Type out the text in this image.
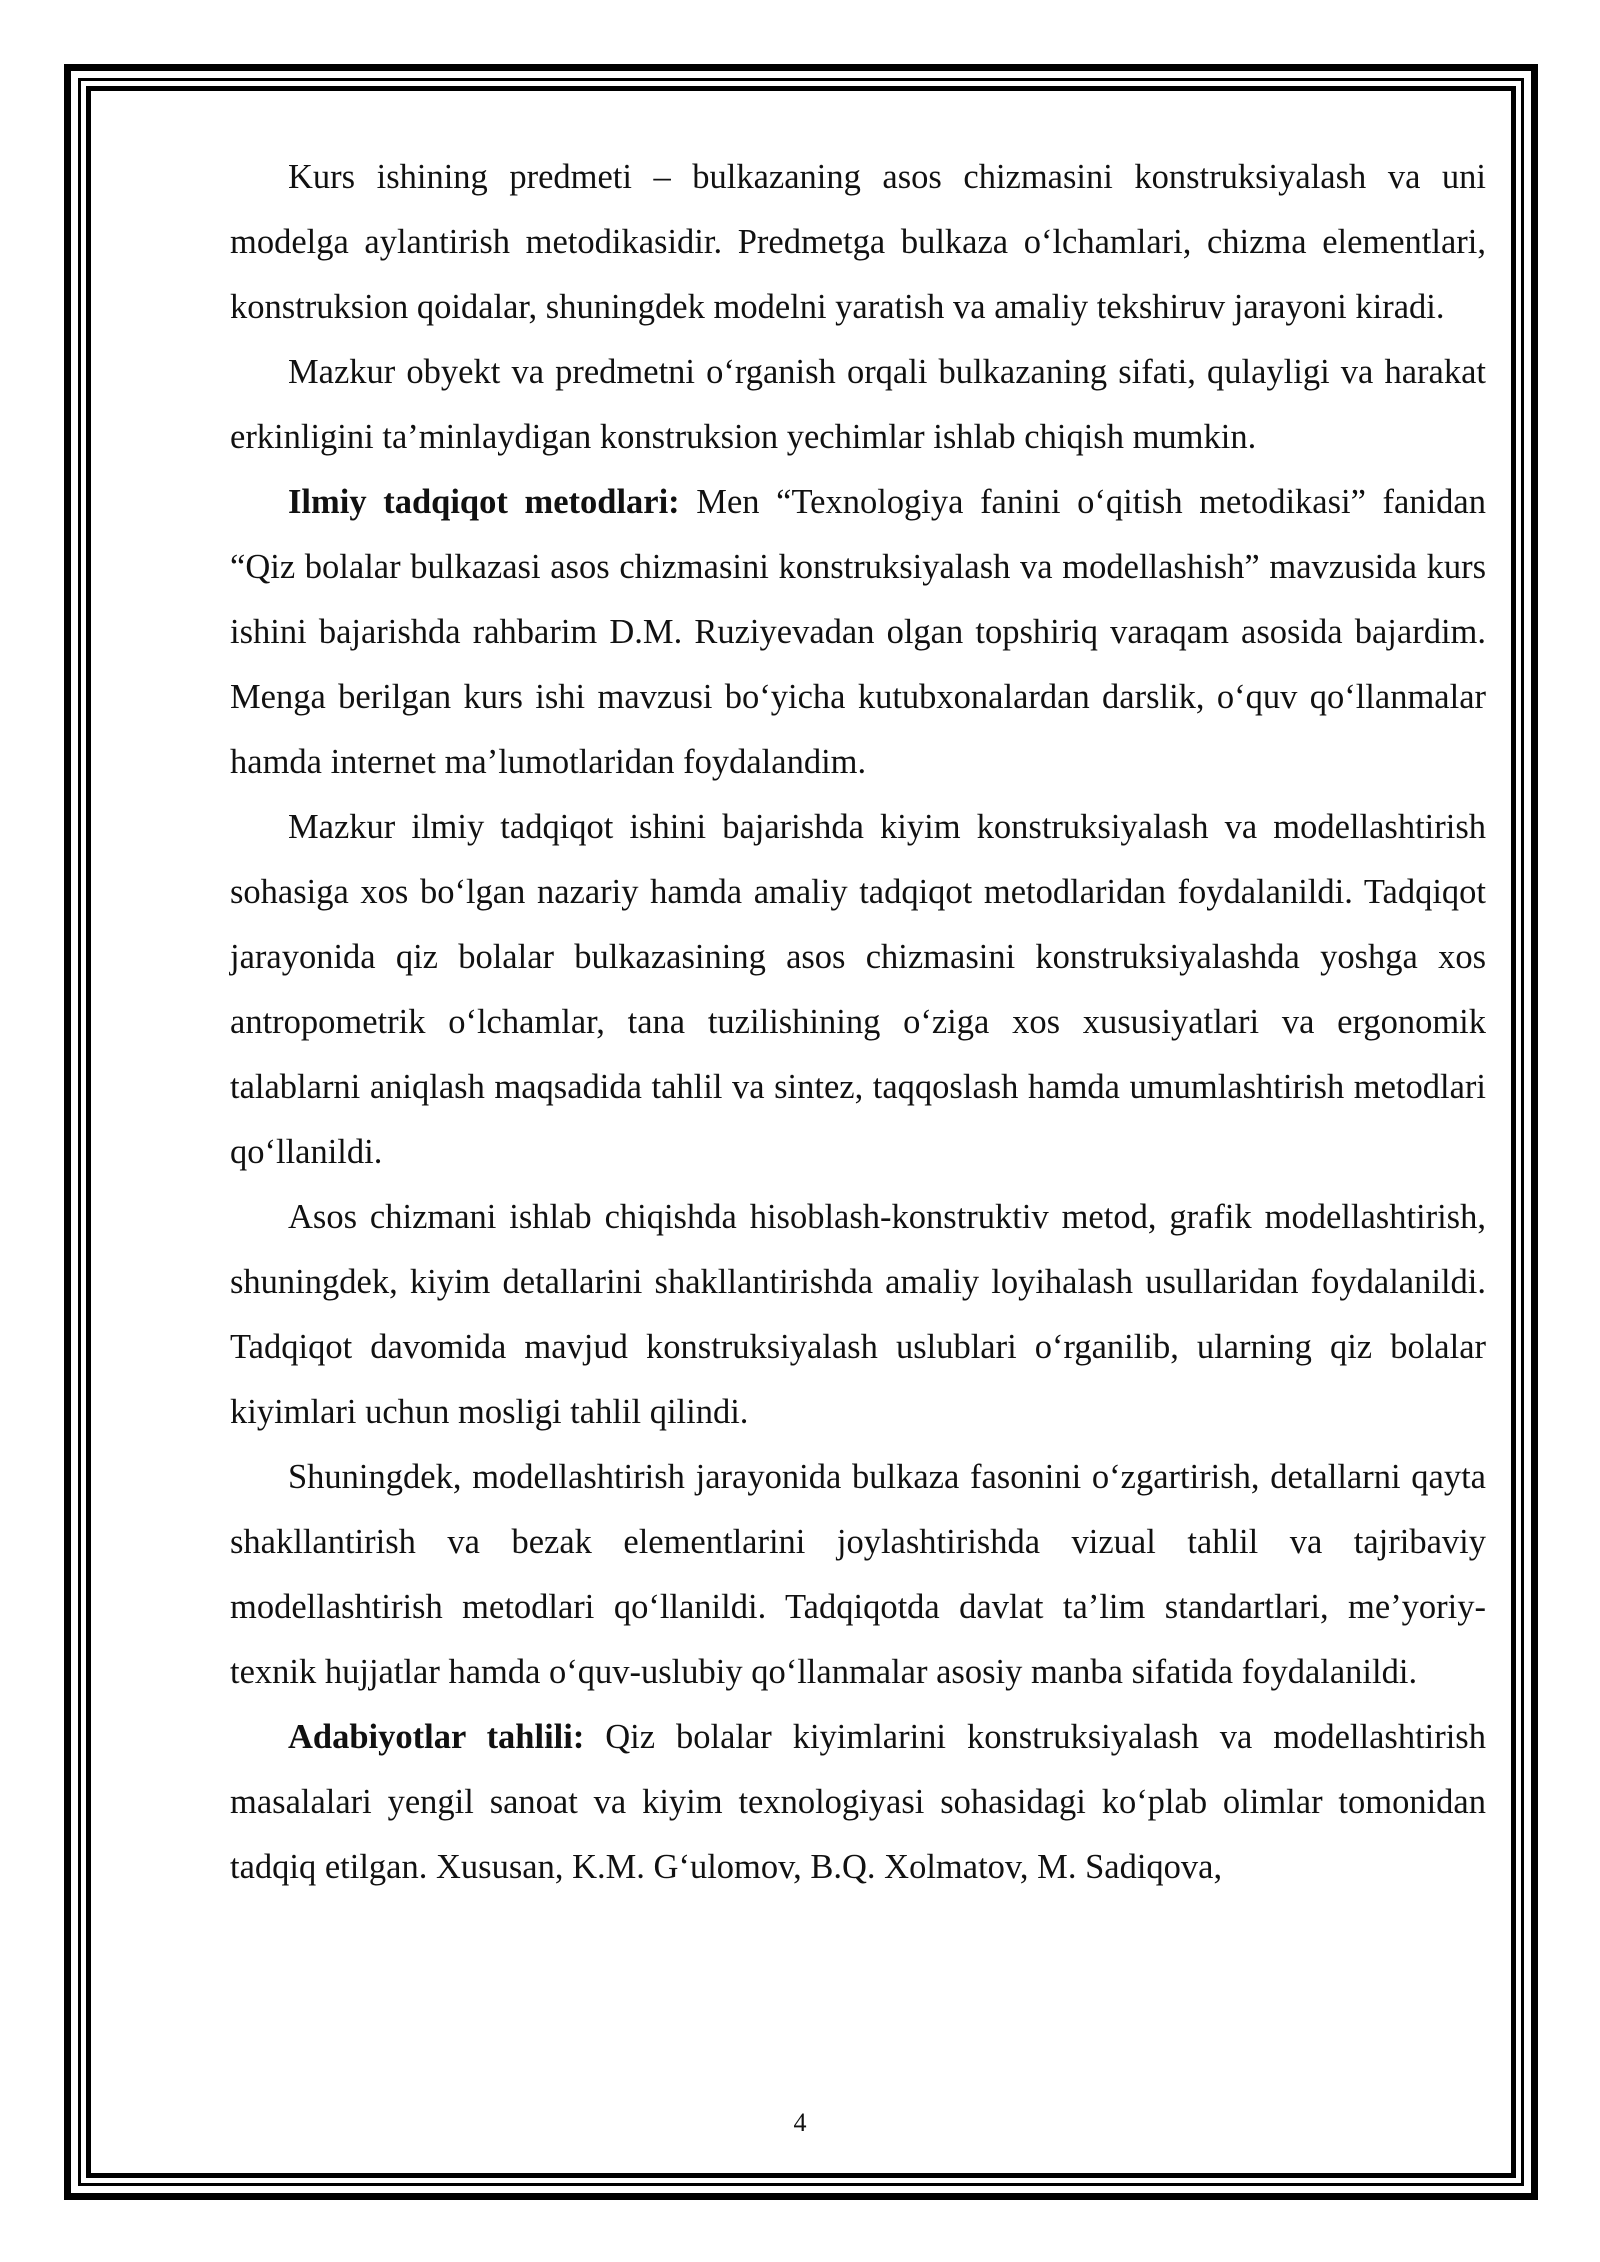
Kurs ishining predmeti – bulkazaning asos chizmasini konstruksiyalash va uni modelga aylantirish metodikasidir. Predmetga bulkaza o‘lchamlari, chizma elementlari, konstruksion qoidalar, shuningdek modelni yaratish va amaliy tekshiruv jarayoni kiradi.

Mazkur obyekt va predmetni o‘rganish orqali bulkazaning sifati, qulayligi va harakat erkinligini ta’minlaydigan konstruksion yechimlar ishlab chiqish mumkin.

Ilmiy tadqiqot metodlari: Men “Texnologiya fanini o‘qitish metodikasi” fanidan “Qiz bolalar bulkazasi asos chizmasini konstruksiyalash va modellashish” mavzusida kurs ishini bajarishda rahbarim D.M. Ruziyevadan olgan topshiriq varaqam asosida bajardim. Menga berilgan kurs ishi mavzusi bo‘yicha kutubxonalardan darslik, o‘quv qo‘llanmalar hamda internet ma’lumotlaridan foydalandim.

Mazkur ilmiy tadqiqot ishini bajarishda kiyim konstruksiyalash va modellashtirish sohasiga xos bo‘lgan nazariy hamda amaliy tadqiqot metodlaridan foydalanildi. Tadqiqot jarayonida qiz bolalar bulkazasining asos chizmasini konstruksiyalashda yoshga xos antropometrik o‘lchamlar, tana tuzilishining o‘ziga xos xususiyatlari va ergonomik talablarni aniqlash maqsadida tahlil va sintez, taqqoslash hamda umumlashtirish metodlari qo‘llanildi.

Asos chizmani ishlab chiqishda hisoblash-konstruktiv metod, grafik modellashtirish, shuningdek, kiyim detallarini shakllantirishda amaliy loyihalash usullaridan foydalanildi. Tadqiqot davomida mavjud konstruksiyalash uslublari o‘rganilib, ularning qiz bolalar kiyimlari uchun mosligi tahlil qilindi.

Shuningdek, modellashtirish jarayonida bulkaza fasonini o‘zgartirish, detallarni qayta shakllantirish va bezak elementlarini joylashtirishda vizual tahlil va tajribaviy modellashtirish metodlari qo‘llanildi. Tadqiqotda davlat ta’lim standartlari, me’yoriy-texnik hujjatlar hamda o‘quv-uslubiy qo‘llanmalar asosiy manba sifatida foydalanildi.

Adabiyotlar tahlili: Qiz bolalar kiyimlarini konstruksiyalash va modellashtirish masalalari yengil sanoat va kiyim texnologiyasi sohasidagi ko‘plab olimlar tomonidan tadqiq etilgan. Xususan, K.M. G‘ulomov, B.Q. Xolmatov, M. Sadiqova,

4
